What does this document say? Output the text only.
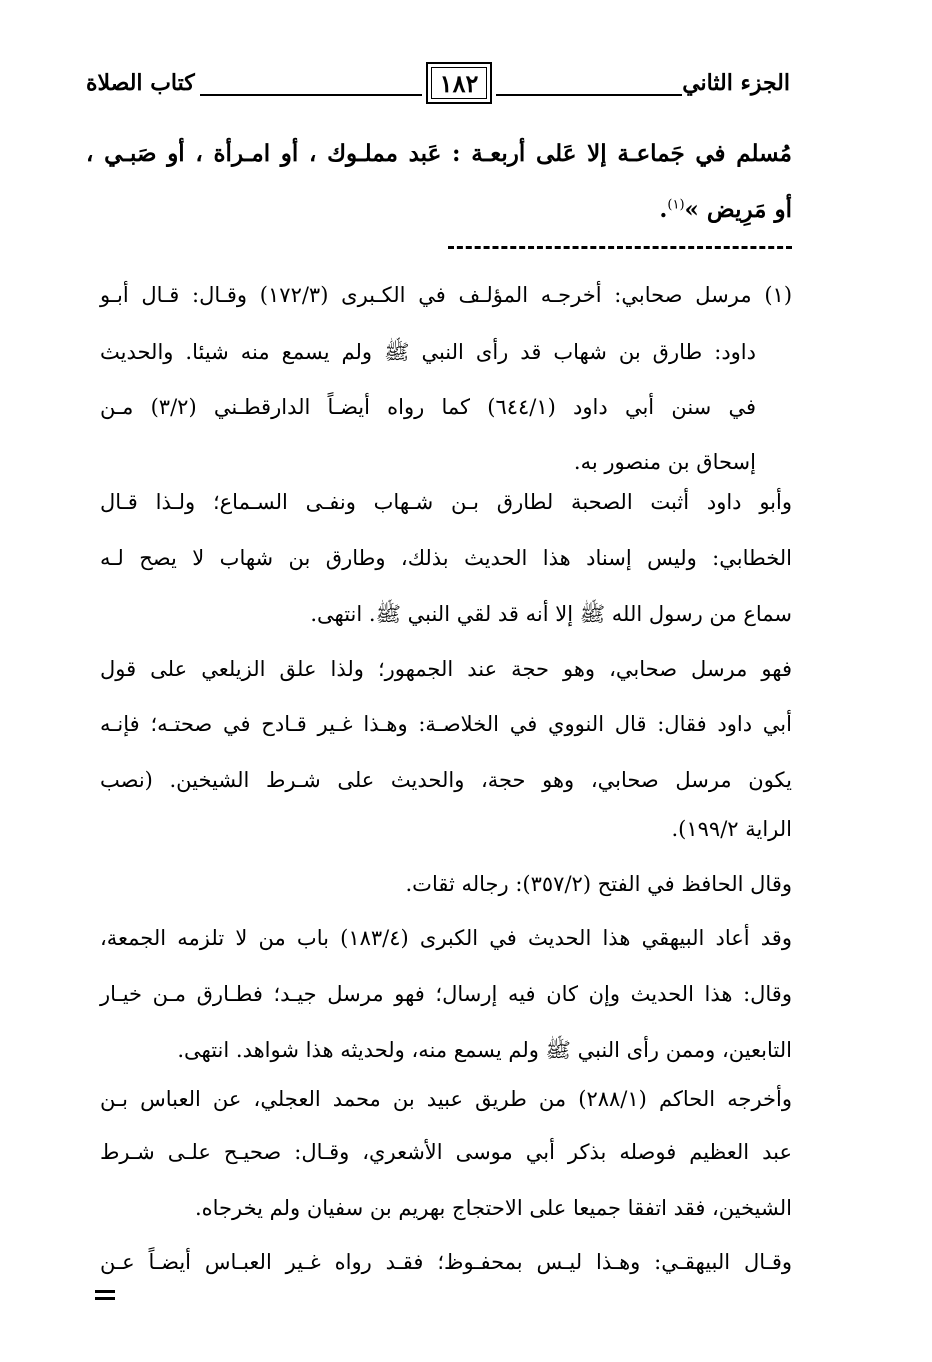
الجزء الثاني
١٨٢
كتاب الصلاة
مُسلم في جَماعـة إلا عَلى أربعـة : عَبد مملـوك ، أو امـرأة ، أو صَبـي ،
أو مَرِيض »$^{(١)}$.
(١) مرسل صحابي: أخرجـه المؤلـف في الكـبرى (١٧٢/٣) وقـال: قـال أبـو
داود: طارق بن شهاب قد رأى النبي ﷺ ولم يسمع منه شيئا. والحديث
في سنن أبي داود (٦٤٤/١) كما رواه أيضـاً الدارقطـني (٣/٢) مـن
إسحاق بن منصور به.
وأبو داود أثبت الصحبة لطارق بـن شـهاب ونفـى السـماع؛ ولـذا قـال
الخطابي: وليس إسناد هذا الحديث بذلك، وطارق بن شهاب لا يصح لـه
سماع من رسول الله ﷺ إلا أنه قد لقي النبي ﷺ. انتهى.
فهو مرسل صحابي، وهو حجة عند الجمهور؛ ولذا علق الزيلعي على قول
أبي داود فقال: قال النووي في الخلاصـة: وهـذا غـير قـادح في صحتـه؛ فإنـه
يكون مرسل صحابي، وهو حجة، والحديث على شـرط الشيخين. (نصب
الراية ١٩٩/٢).
وقال الحافظ في الفتح (٣٥٧/٢): رجاله ثقات.
وقد أعاد البيهقي هذا الحديث في الكبرى (١٨٣/٤) باب من لا تلزمه الجمعة،
وقال: هذا الحديث وإن كان فيه إرسال؛ فهو مرسل جيـد؛ فطـارق مـن خيـار
التابعين، وممن رأى النبي ﷺ ولم يسمع منه، ولحديثه هذا شواهد. انتهى.
وأخرجه الحاكم (٢٨٨/١) من طريق عبيد بن محمد العجلي، عن العباس بـن
عبد العظيم فوصله بذكر أبي موسى الأشعري، وقـال: صحيـح علـى شـرط
الشيخين، فقد اتفقا جميعا على الاحتجاج بهريم بن سفيان ولم يخرجاه.
وقـال البيهقـي: وهـذا ليـس بمحفـوظ؛ فقـد رواه غـير العبـاس أيضـاً عـن
